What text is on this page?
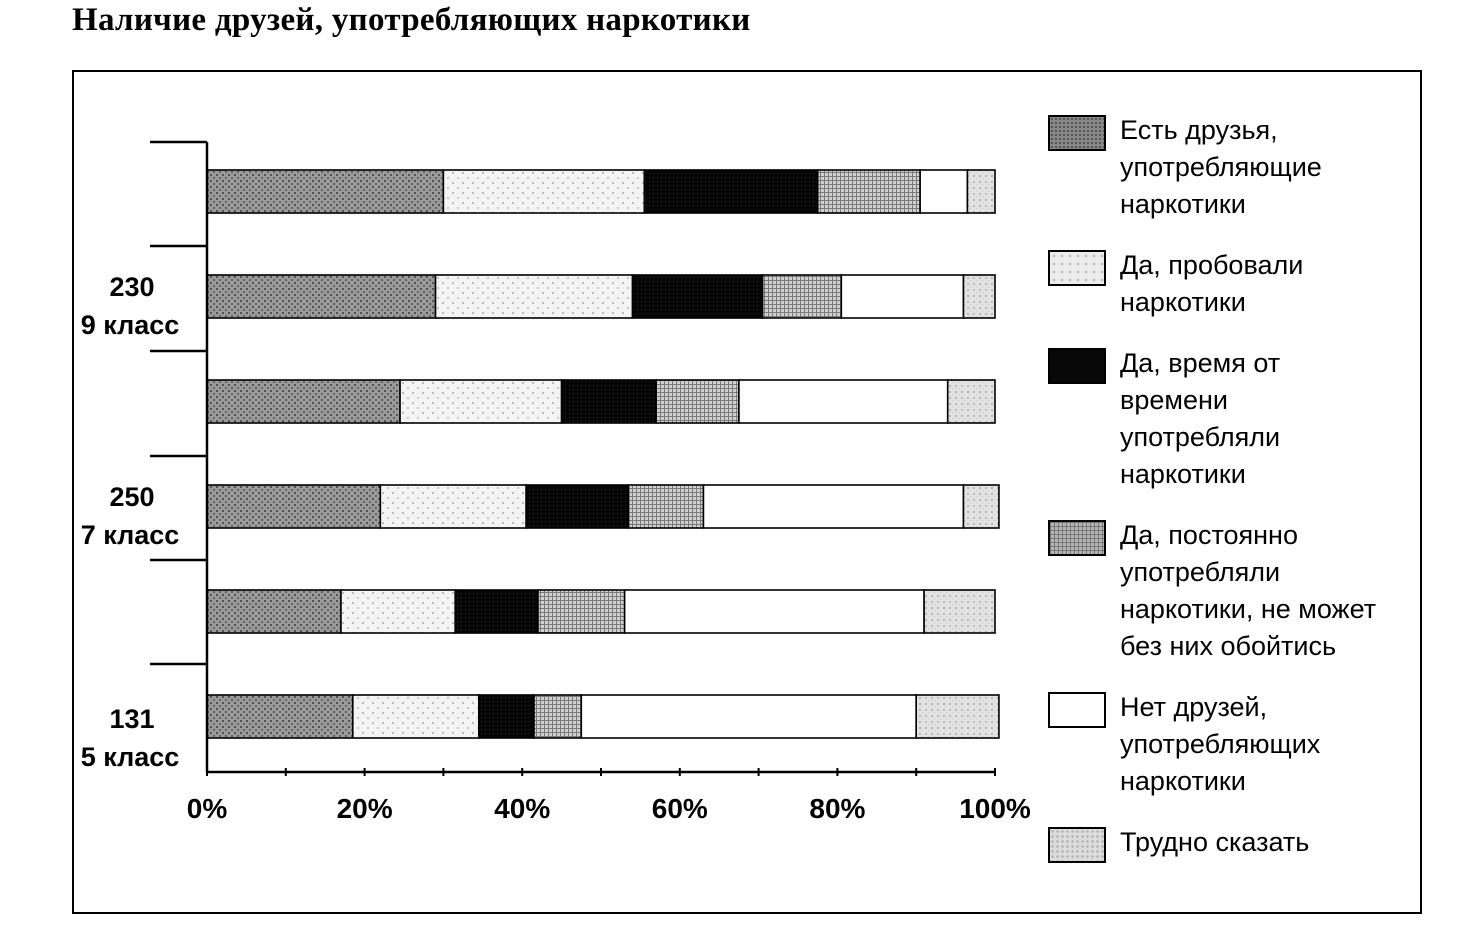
Наличие друзей, употребляющих наркотики
0%	20%	40%	60%	80%	100%
230
9 класс
250
7 класс
131
5 класс
Есть друзья,
употребляющие
наркотики
Да, пробовали
наркотики
Да, время от
времени
употребляли
наркотики
Да, постоянно
употребляли
наркотики, не может
без них обойтись
Нет друзей,
употребляющих
наркотики
Трудно сказать
